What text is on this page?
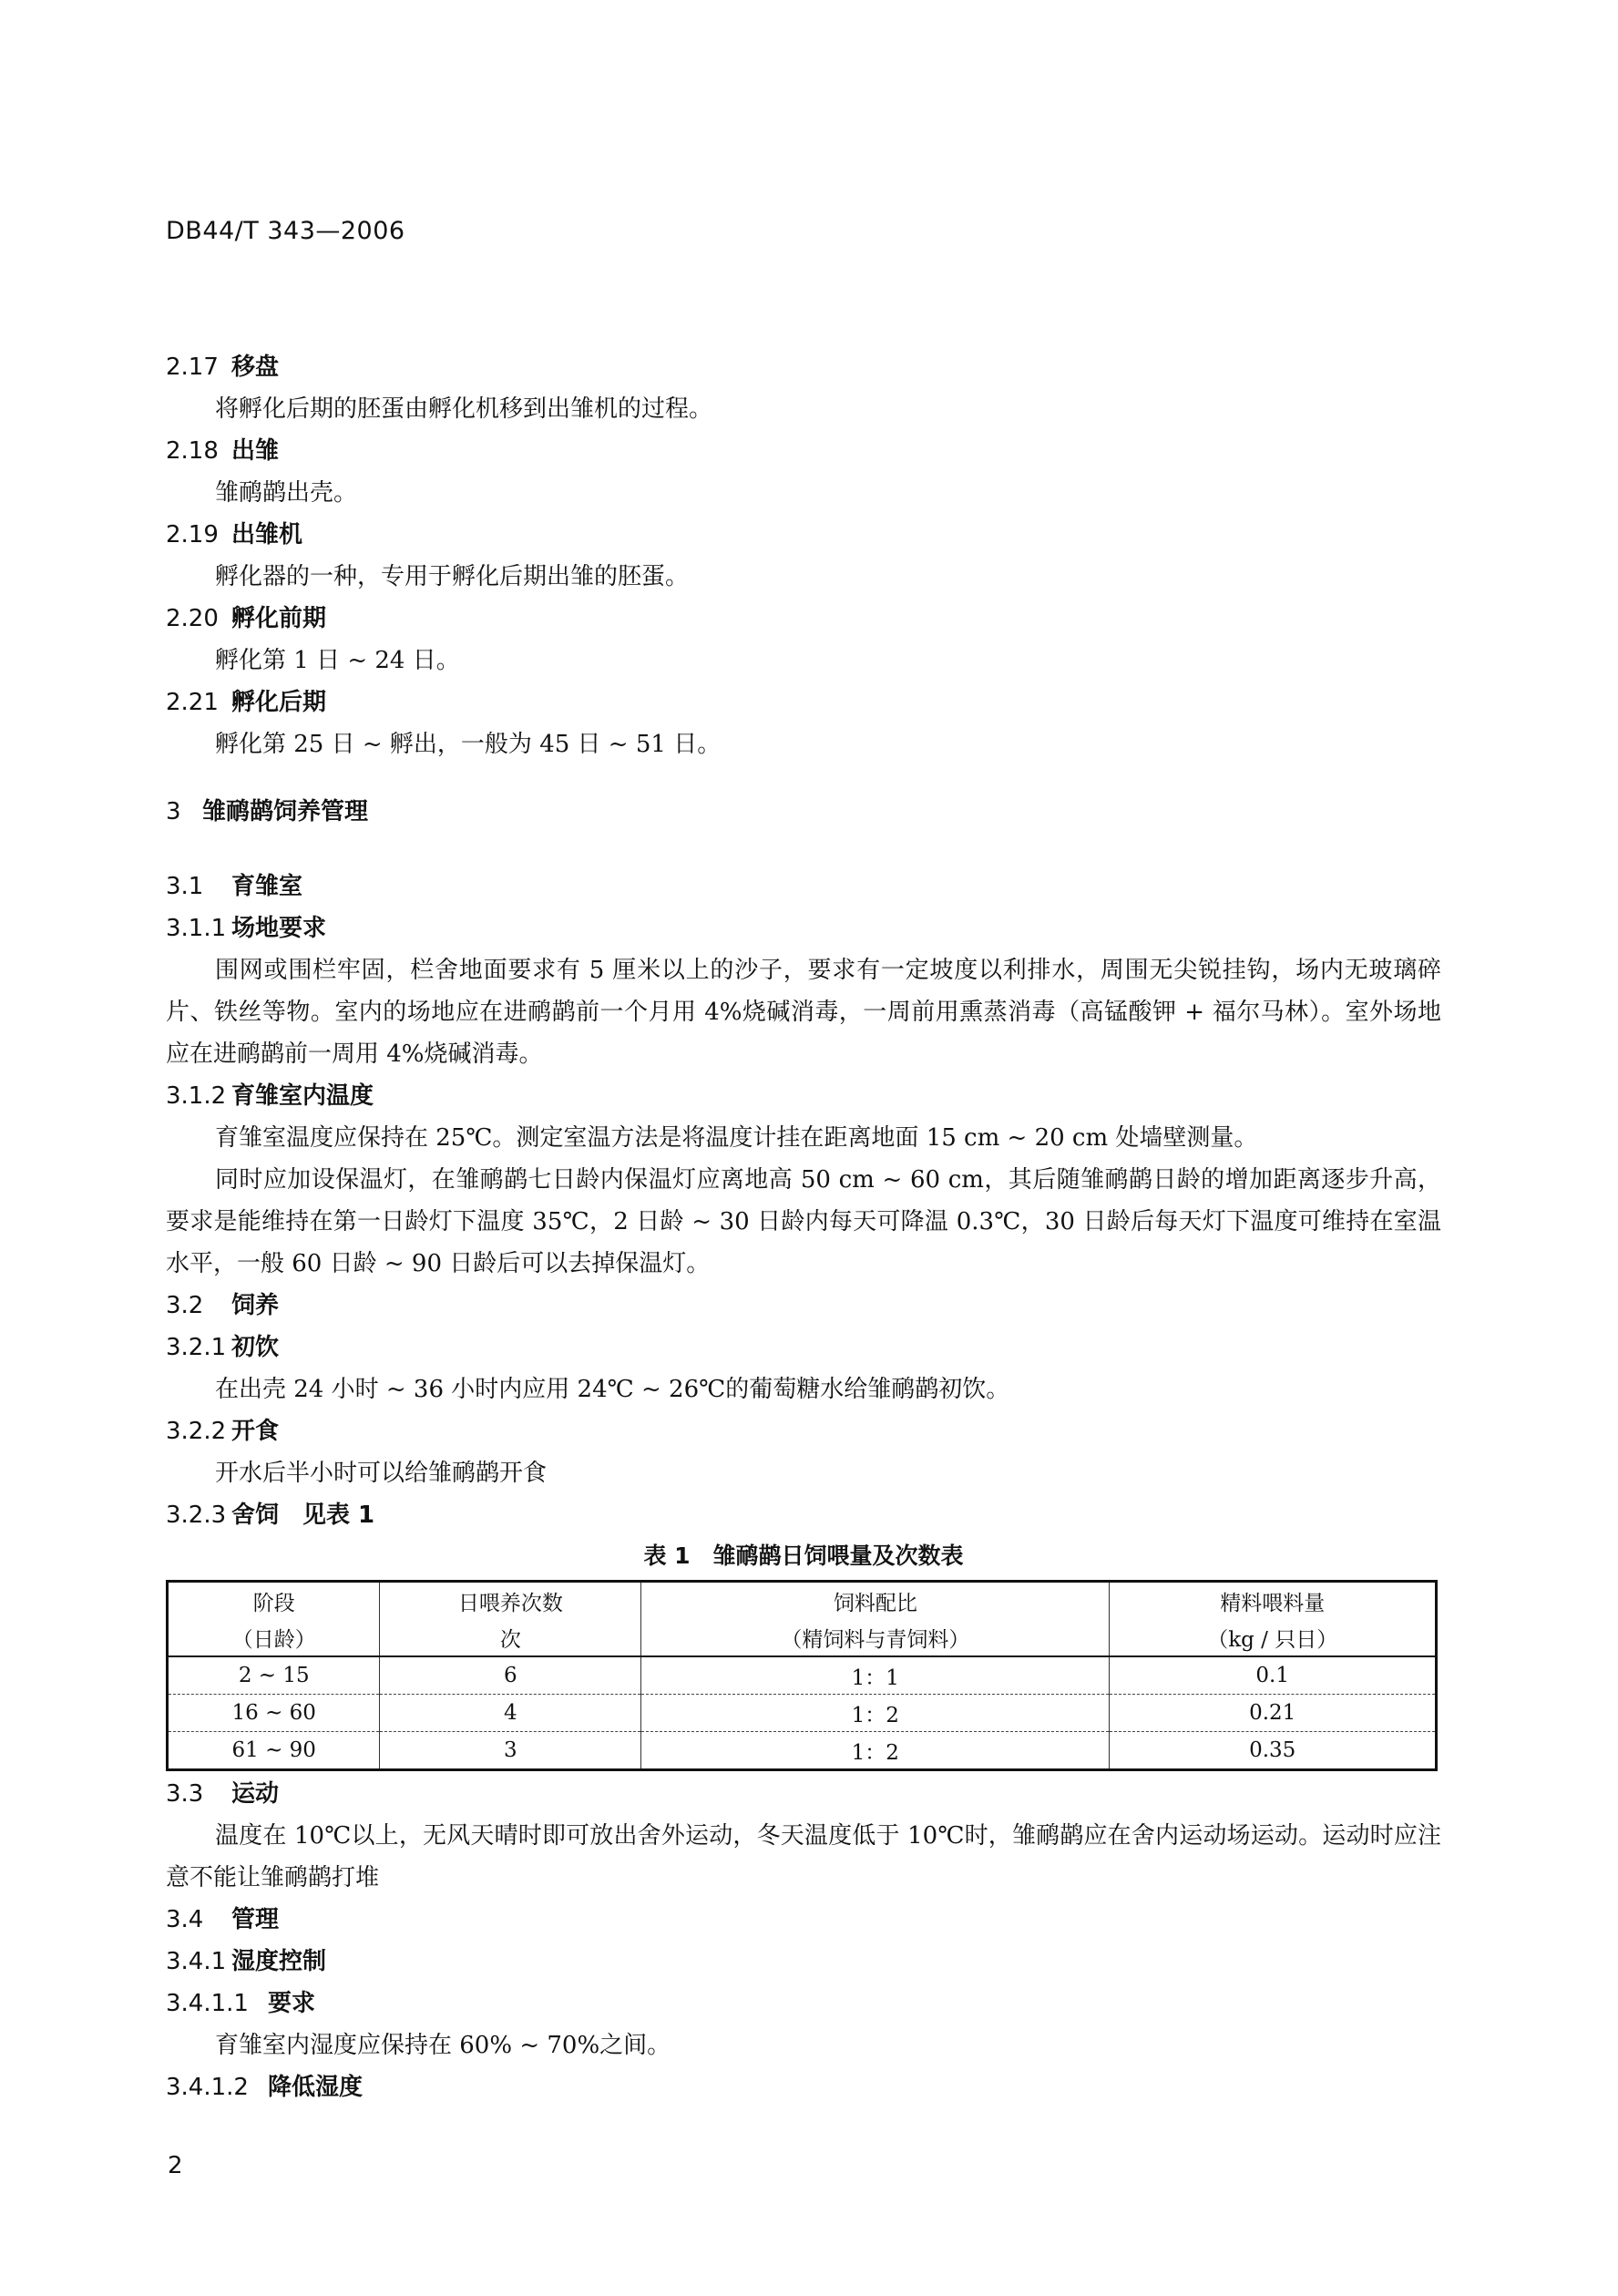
DB44/T 343—2006
2.17 移盘
将孵化后期的胚蛋由孵化机移到出雏机的过程。
2.18 出雏
雏鸸鹋出壳。
2.19 出雏机
孵化器的一种，专用于孵化后期出雏的胚蛋。
2.20 孵化前期
孵化第 1 日 ~ 24 日。
2.21 孵化后期
孵化第 25 日 ~ 孵出，一般为 45 日 ~ 51 日。
3 雏鸸鹋饲养管理
3.1 育雏室
3.1.1 场地要求
围网或围栏牢固，栏舍地面要求有 5 厘米以上的沙子，要求有一定坡度以利排水，周围无尖锐挂钩，场内无玻璃碎片、铁丝等物。室内的场地应在进鸸鹋前一个月用 4%烧碱消毒，一周前用熏蒸消毒（高锰酸钾 + 福尔马林）。室外场地应在进鸸鹋前一周用 4%烧碱消毒。
3.1.2 育雏室内温度
育雏室温度应保持在 25℃。测定室温方法是将温度计挂在距离地面 15 cm ~ 20 cm 处墙壁测量。
同时应加设保温灯，在雏鸸鹋七日龄内保温灯应离地高 50 cm ~ 60 cm，其后随雏鸸鹋日龄的增加距离逐步升高，要求是能维持在第一日龄灯下温度 35℃，2 日龄 ~ 30 日龄内每天可降温 0.3℃，30 日龄后每天灯下温度可维持在室温水平，一般 60 日龄 ~ 90 日龄后可以去掉保温灯。
3.2 饲养
3.2.1 初饮
在出壳 24 小时 ~ 36 小时内应用 24℃ ~ 26℃的葡萄糖水给雏鸸鹋初饮。
3.2.2 开食
开水后半小时可以给雏鸸鹋开食
3.2.3 舍饲　见表 1
表 1　雏鸸鹋日饲喂量及次数表
阶段	日喂养次数	饲料配比	精料喂料量
（日龄）	次	（精饲料与青饲料）	（kg / 只日）
2 ~ 15	6	1：1	0.1
16 ~ 60	4	1：2	0.21
61 ~ 90	3	1：2	0.35
3.3 运动
温度在 10℃以上，无风天晴时即可放出舍外运动，冬天温度低于 10℃时，雏鸸鹋应在舍内运动场运动。运动时应注意不能让雏鸸鹋打堆
3.4 管理
3.4.1 湿度控制
3.4.1.1 要求
育雏室内湿度应保持在 60% ~ 70%之间。
3.4.1.2 降低湿度
2
